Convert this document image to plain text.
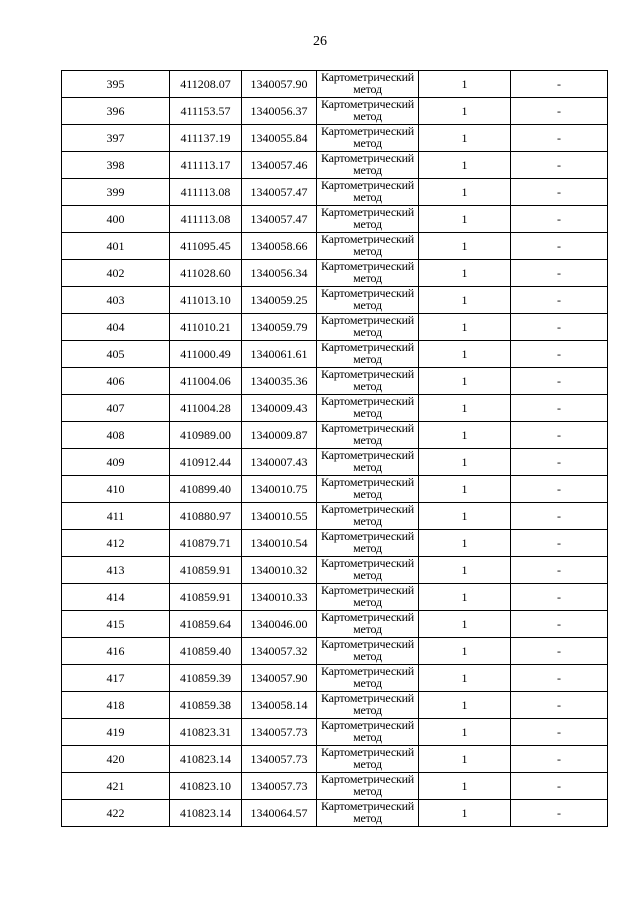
26
395	411208.07	1340057.90	Картометрический
метод	1	-
396	411153.57	1340056.37	Картометрический
метод	1	-
397	411137.19	1340055.84	Картометрический
метод	1	-
398	411113.17	1340057.46	Картометрический
метод	1	-
399	411113.08	1340057.47	Картометрический
метод	1	-
400	411113.08	1340057.47	Картометрический
метод	1	-
401	411095.45	1340058.66	Картометрический
метод	1	-
402	411028.60	1340056.34	Картометрический
метод	1	-
403	411013.10	1340059.25	Картометрический
метод	1	-
404	411010.21	1340059.79	Картометрический
метод	1	-
405	411000.49	1340061.61	Картометрический
метод	1	-
406	411004.06	1340035.36	Картометрический
метод	1	-
407	411004.28	1340009.43	Картометрический
метод	1	-
408	410989.00	1340009.87	Картометрический
метод	1	-
409	410912.44	1340007.43	Картометрический
метод	1	-
410	410899.40	1340010.75	Картометрический
метод	1	-
411	410880.97	1340010.55	Картометрический
метод	1	-
412	410879.71	1340010.54	Картометрический
метод	1	-
413	410859.91	1340010.32	Картометрический
метод	1	-
414	410859.91	1340010.33	Картометрический
метод	1	-
415	410859.64	1340046.00	Картометрический
метод	1	-
416	410859.40	1340057.32	Картометрический
метод	1	-
417	410859.39	1340057.90	Картометрический
метод	1	-
418	410859.38	1340058.14	Картометрический
метод	1	-
419	410823.31	1340057.73	Картометрический
метод	1	-
420	410823.14	1340057.73	Картометрический
метод	1	-
421	410823.10	1340057.73	Картометрический
метод	1	-
422	410823.14	1340064.57	Картометрический
метод	1	-
